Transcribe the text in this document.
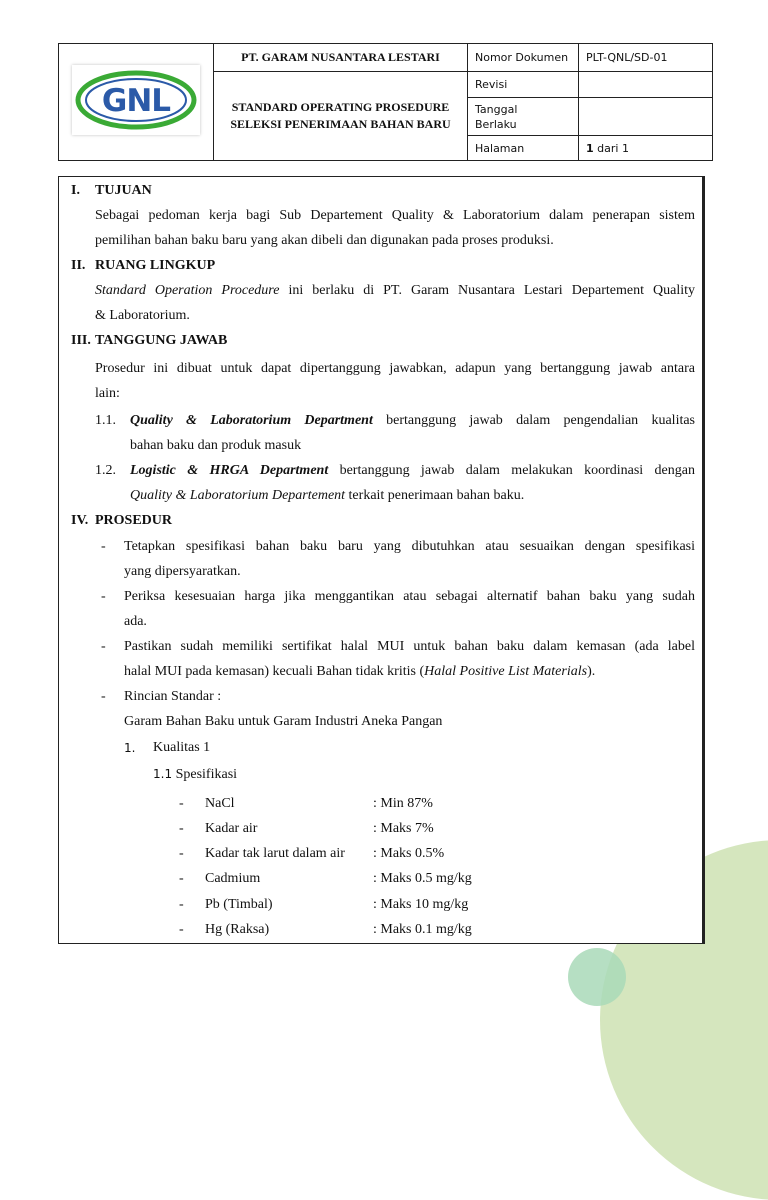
GNL	PT. GARAM NUSANTARA LESTARI	Nomor Dokumen	PLT-QNL/SD-01
	STANDARD OPERATING PROSEDURE
SELEKSI PENERIMAAN BAHAN BARU	Revisi	
		Tanggal
Berlaku	
		Halaman	1 dari 1
I. TUJUAN
Sebagai pedoman kerja bagi Sub Departement Quality & Laboratorium dalam penerapan sistem
pemilihan bahan baku baru yang akan dibeli dan digunakan pada proses produksi.
II. RUANG LINGKUP
Standard Operation Procedure ini berlaku di PT. Garam Nusantara Lestari Departement Quality
& Laboratorium.
III. TANGGUNG JAWAB
Prosedur ini dibuat untuk dapat dipertanggung jawabkan, adapun yang bertanggung jawab antara
lain:
1.1. Quality & Laboratorium Department bertanggung jawab dalam pengendalian kualitas
bahan baku dan produk masuk
1.2. Logistic & HRGA Department bertanggung jawab dalam melakukan koordinasi dengan
Quality & Laboratorium Departement terkait penerimaan bahan baku.
IV. PROSEDUR
- Tetapkan spesifikasi bahan baku baru yang dibutuhkan atau sesuaikan dengan spesifikasi
yang dipersyaratkan.
- Periksa kesesuaian harga jika menggantikan atau sebagai alternatif bahan baku yang sudah
ada.
- Pastikan sudah memiliki sertifikat halal MUI untuk bahan baku dalam kemasan (ada label
halal MUI pada kemasan) kecuali Bahan tidak kritis (Halal Positive List Materials).
- Rincian Standar :
Garam Bahan Baku untuk Garam Industri Aneka Pangan
1. Kualitas 1
1.1 Spesifikasi
- NaCl	: Min 87%
- Kadar air	: Maks 7%
- Kadar tak larut dalam air : Maks 0.5%
- Cadmium	: Maks 0.5 mg/kg
- Pb (Timbal)	: Maks 10 mg/kg
- Hg (Raksa)	: Maks 0.1 mg/kg
